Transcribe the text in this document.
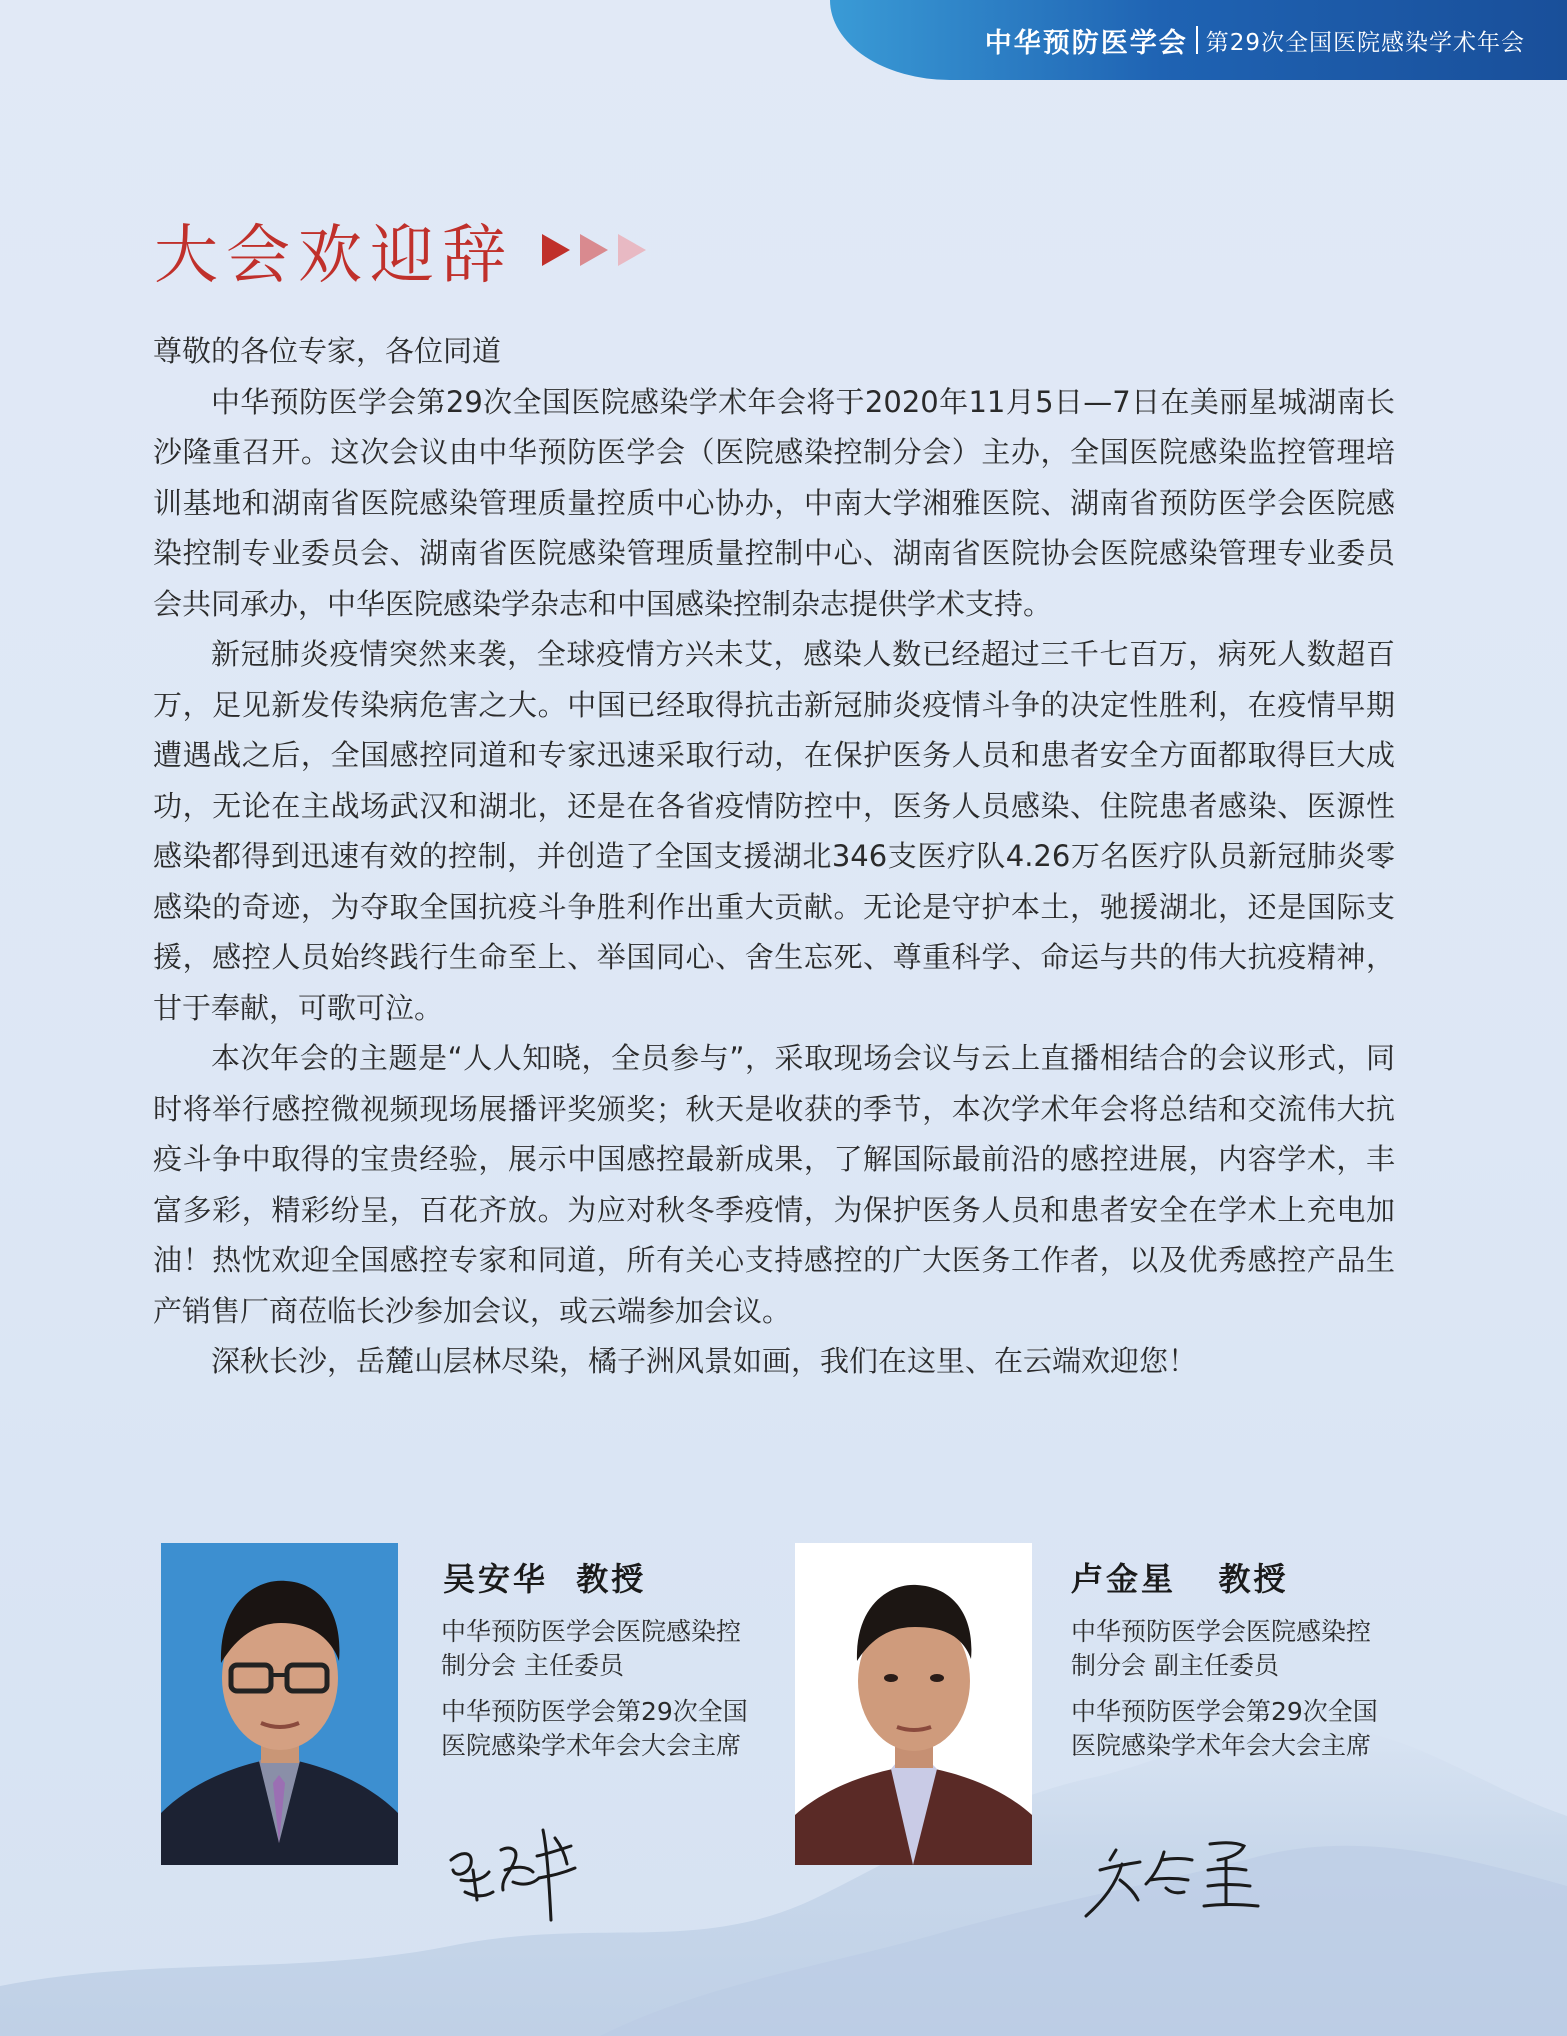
中华预防医学会 第29次全国医院感染学术年会
大会欢迎辞

尊敬的各位专家，各位同道

中华预防医学会第29次全国医院感染学术年会将于2020年11月5日—7日在美丽星城湖南长沙隆重召开。这次会议由中华预防医学会（医院感染控制分会）主办，全国医院感染监控管理培训基地和湖南省医院感染管理质量控质中心协办，中南大学湘雅医院、湖南省预防医学会医院感染控制专业委员会、湖南省医院感染管理质量控制中心、湖南省医院协会医院感染管理专业委员会共同承办，中华医院感染学杂志和中国感染控制杂志提供学术支持。

新冠肺炎疫情突然来袭，全球疫情方兴未艾，感染人数已经超过三千七百万，病死人数超百万，足见新发传染病危害之大。中国已经取得抗击新冠肺炎疫情斗争的决定性胜利，在疫情早期遭遇战之后，全国感控同道和专家迅速采取行动，在保护医务人员和患者安全方面都取得巨大成功，无论在主战场武汉和湖北，还是在各省疫情防控中，医务人员感染、住院患者感染、医源性感染都得到迅速有效的控制，并创造了全国支援湖北346支医疗队4.26万名医疗队员新冠肺炎零感染的奇迹，为夺取全国抗疫斗争胜利作出重大贡献。无论是守护本土，驰援湖北，还是国际支援，感控人员始终践行生命至上、举国同心、舍生忘死、尊重科学、命运与共的伟大抗疫精神，甘于奉献，可歌可泣。

本次年会的主题是“人人知晓，全员参与”，采取现场会议与云上直播相结合的会议形式，同时将举行感控微视频现场展播评奖颁奖；秋天是收获的季节，本次学术年会将总结和交流伟大抗疫斗争中取得的宝贵经验，展示中国感控最新成果，了解国际最前沿的感控进展，内容学术，丰富多彩，精彩纷呈，百花齐放。为应对秋冬季疫情，为保护医务人员和患者安全在学术上充电加油！热忱欢迎全国感控专家和同道，所有关心支持感控的广大医务工作者，以及优秀感控产品生产销售厂商莅临长沙参加会议，或云端参加会议。

深秋长沙，岳麓山层林尽染，橘子洲风景如画，我们在这里、在云端欢迎您！

吴安华 教授
中华预防医学会医院感染控制分会 主任委员
中华预防医学会第29次全国医院感染学术年会大会主席
卢金星 教授
中华预防医学会医院感染控制分会 副主任委员
中华预防医学会第29次全国医院感染学术年会大会主席
